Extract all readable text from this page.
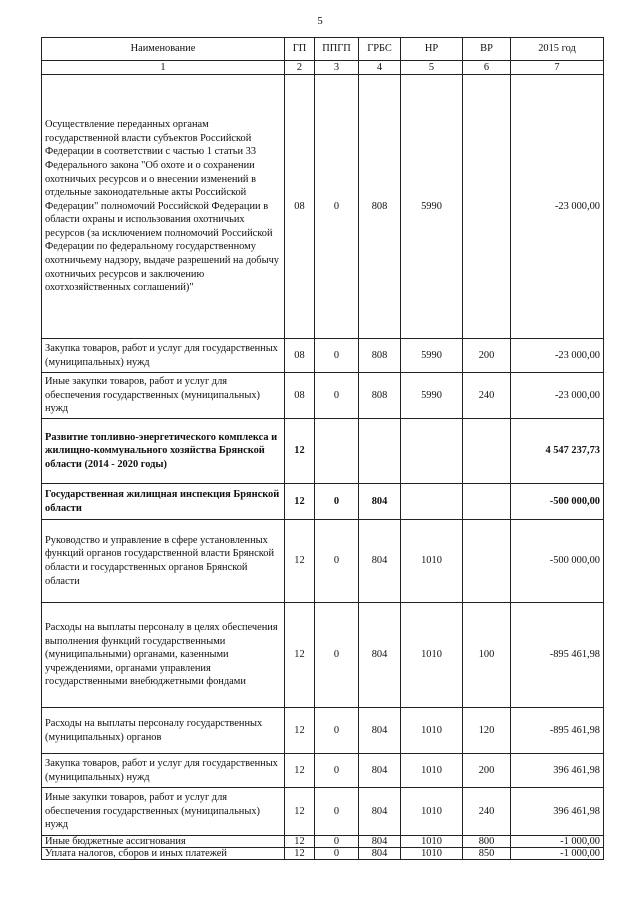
5
Наименование	ГП	ППГП	ГРБС	НР	ВР	2015 год
1	2	3	4	5	6	7
Осуществление переданных органам государственной власти субъектов Российской Федерации в соответствии с частью 1 статьи 33 Федерального закона "Об охоте и о сохранении охотничьих ресурсов и о внесении изменений в отдельные законодательные акты Российской Федерации" полномочий Российской Федерации в области охраны и использования охотничьих ресурсов (за исключением полномочий Российской Федерации по федеральному государственному охотничьему надзору, выдаче разрешений на добычу охотничьих ресурсов и заключению охотхозяйственных соглашений)"	08	0	808	5990		-23 000,00
Закупка товаров, работ и услуг для государственных (муниципальных) нужд	08	0	808	5990	200	-23 000,00
Иные закупки товаров, работ и услуг для обеспечения государственных (муниципальных) нужд	08	0	808	5990	240	-23 000,00
Развитие топливно-энергетического комплекса и жилищно-коммунального хозяйства Брянской области (2014 - 2020 годы)	12					4 547 237,73
Государственная жилищная инспекция Брянской области	12	0	804			-500 000,00
Руководство и управление в сфере установленных функций органов государственной власти Брянской области и государственных органов Брянской области	12	0	804	1010		-500 000,00
Расходы на выплаты персоналу в целях обеспечения выполнения функций государственными (муниципальными) органами, казенными учреждениями, органами управления государственными внебюджетными фондами	12	0	804	1010	100	-895 461,98
Расходы на выплаты персоналу государственных (муниципальных) органов	12	0	804	1010	120	-895 461,98
Закупка товаров, работ и услуг для государственных (муниципальных) нужд	12	0	804	1010	200	396 461,98
Иные закупки товаров, работ и услуг для обеспечения государственных (муниципальных) нужд	12	0	804	1010	240	396 461,98
Иные бюджетные ассигнования	12	0	804	1010	800	-1 000,00
Уплата налогов, сборов и иных платежей	12	0	804	1010	850	-1 000,00
